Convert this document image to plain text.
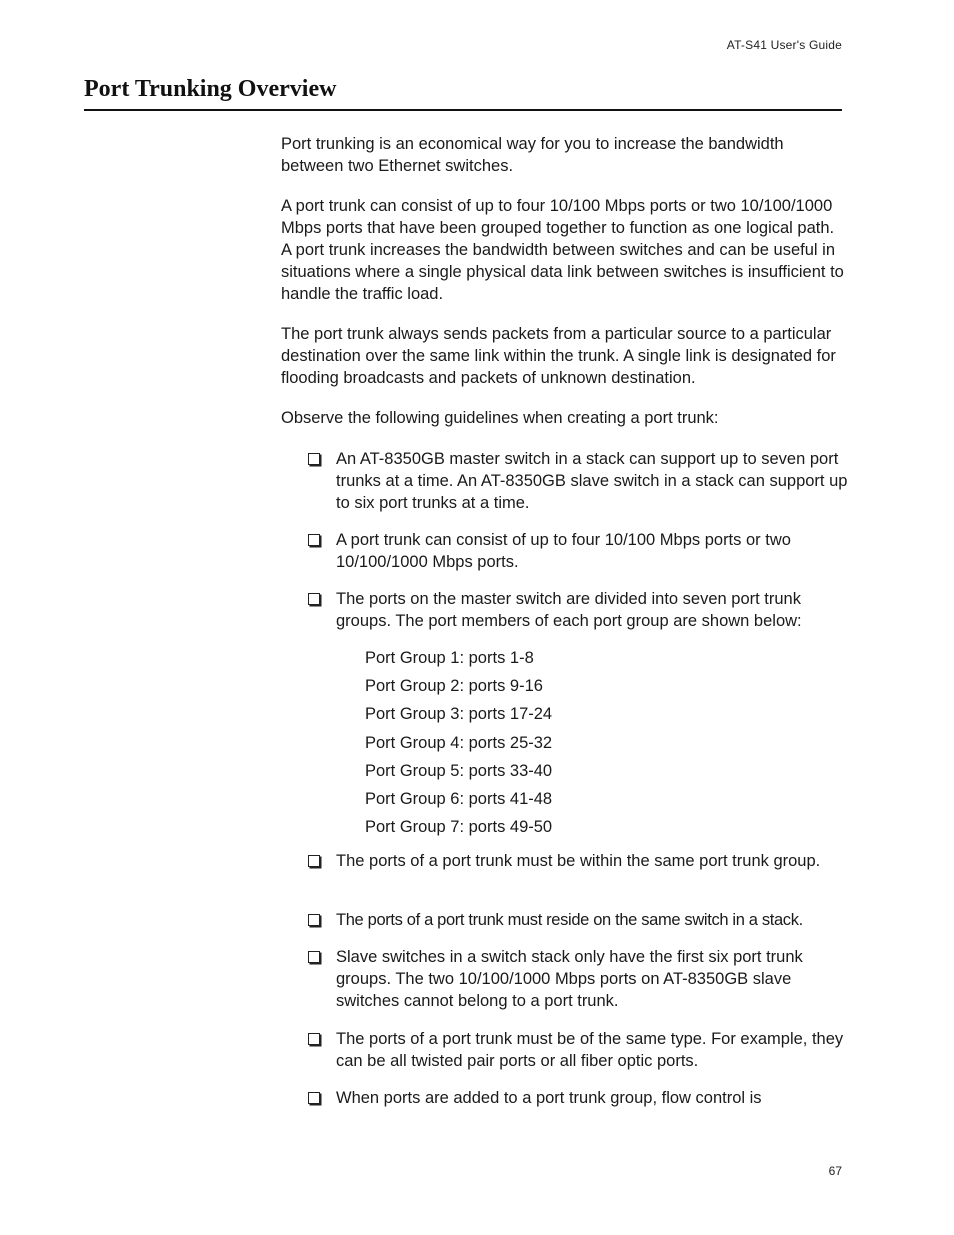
AT-S41 User's Guide
Port Trunking Overview

Port trunking is an economical way for you to increase the bandwidth between two Ethernet switches.

A port trunk can consist of up to four 10/100 Mbps ports or two 10/100/1000 Mbps ports that have been grouped together to function as one logical path. A port trunk increases the bandwidth between switches and can be useful in situations where a single physical data link between switches is insufficient to handle the traffic load.

The port trunk always sends packets from a particular source to a particular destination over the same link within the trunk. A single link is designated for flooding broadcasts and packets of unknown destination.

Observe the following guidelines when creating a port trunk:

An AT-8350GB master switch in a stack can support up to seven port trunks at a time. An AT-8350GB slave switch in a stack can support up to six port trunks at a time.
A port trunk can consist of up to four 10/100 Mbps ports or two 10/100/1000 Mbps ports.
The ports on the master switch are divided into seven port trunk groups. The port members of each port group are shown below:
Port Group 1: ports 1-8
Port Group 2: ports 9-16
Port Group 3: ports 17-24
Port Group 4: ports 25-32
Port Group 5: ports 33-40
Port Group 6: ports 41-48
Port Group 7: ports 49-50
The ports of a port trunk must be within the same port trunk group.
The ports of a port trunk must reside on the same switch in a stack.
Slave switches in a switch stack only have the first six port trunk groups. The two 10/100/1000 Mbps ports on AT-8350GB slave switches cannot belong to a port trunk.
The ports of a port trunk must be of the same type. For example, they can be all twisted pair ports or all fiber optic ports.
When ports are added to a port trunk group, flow control is
67
